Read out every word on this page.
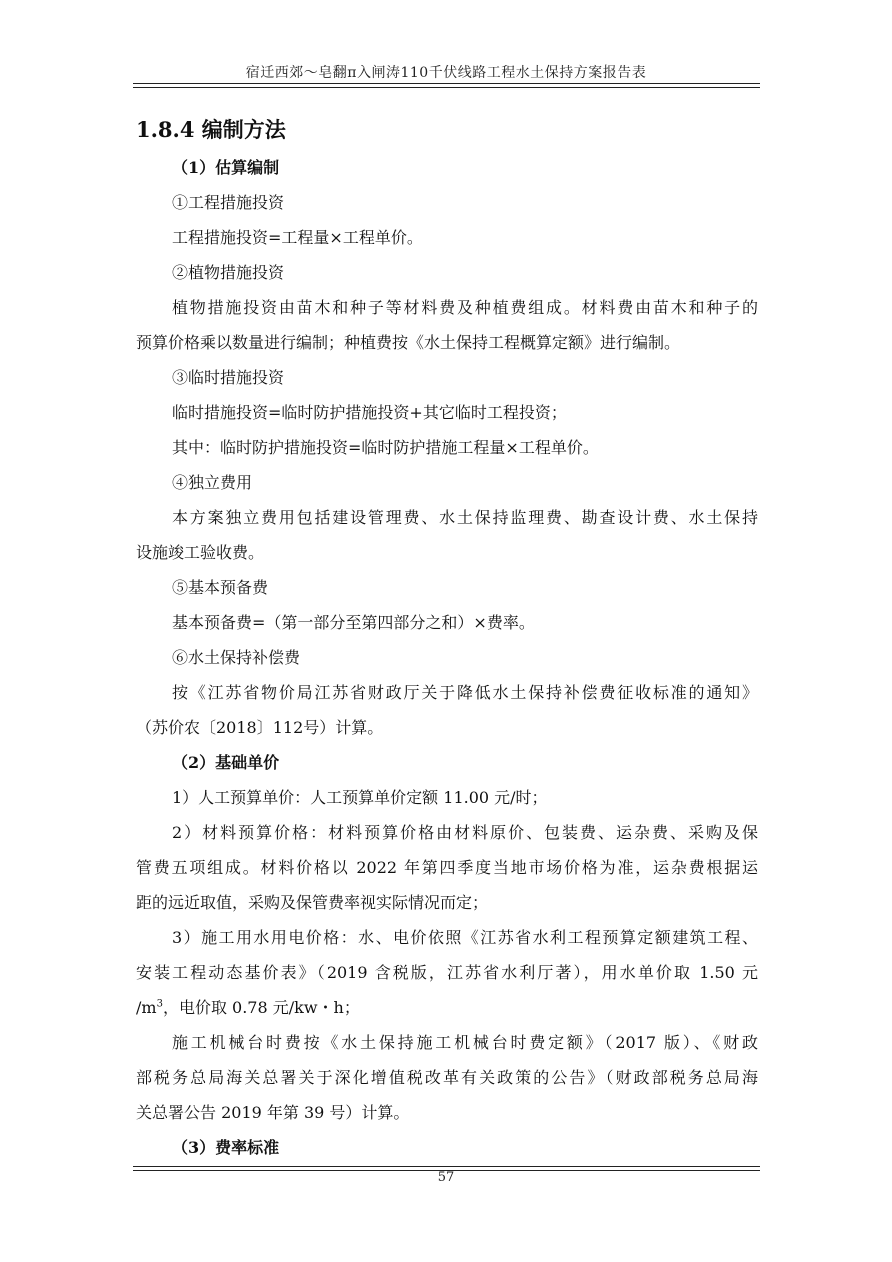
宿迁西郊～皂翻π入闸涛110千伏线路工程水土保持方案报告表
1.8.4 编制方法
（1）估算编制
①工程措施投资
工程措施投资=工程量×工程单价。
②植物措施投资
植物措施投资由苗木和种子等材料费及种植费组成。材料费由苗木和种子的
预算价格乘以数量进行编制；种植费按《水土保持工程概算定额》进行编制。
③临时措施投资
临时措施投资=临时防护措施投资+其它临时工程投资；
其中：临时防护措施投资=临时防护措施工程量×工程单价。
④独立费用
本方案独立费用包括建设管理费、水土保持监理费、勘查设计费、水土保持
设施竣工验收费。
⑤基本预备费
基本预备费=（第一部分至第四部分之和）×费率。
⑥水土保持补偿费
按《江苏省物价局江苏省财政厅关于降低水土保持补偿费征收标准的通知》
（苏价农〔2018〕112号）计算。
（2）基础单价
1）人工预算单价：人工预算单价定额 11.00 元/时；
2）材料预算价格：材料预算价格由材料原价、包装费、运杂费、采购及保
管费五项组成。材料价格以 2022 年第四季度当地市场价格为准，运杂费根据运
距的远近取值，采购及保管费率视实际情况而定；
3）施工用水用电价格：水、电价依照《江苏省水利工程预算定额建筑工程、
安装工程动态基价表》（2019 含税版，江苏省水利厅著），用水单价取 1.50 元
$/m^3$，电价取 0.78 元/kw・h；
施工机械台时费按《水土保持施工机械台时费定额》（2017 版）、《财政
部税务总局海关总署关于深化增值税改革有关政策的公告》（财政部税务总局海
关总署公告 2019 年第 39 号）计算。
（3）费率标准
57
